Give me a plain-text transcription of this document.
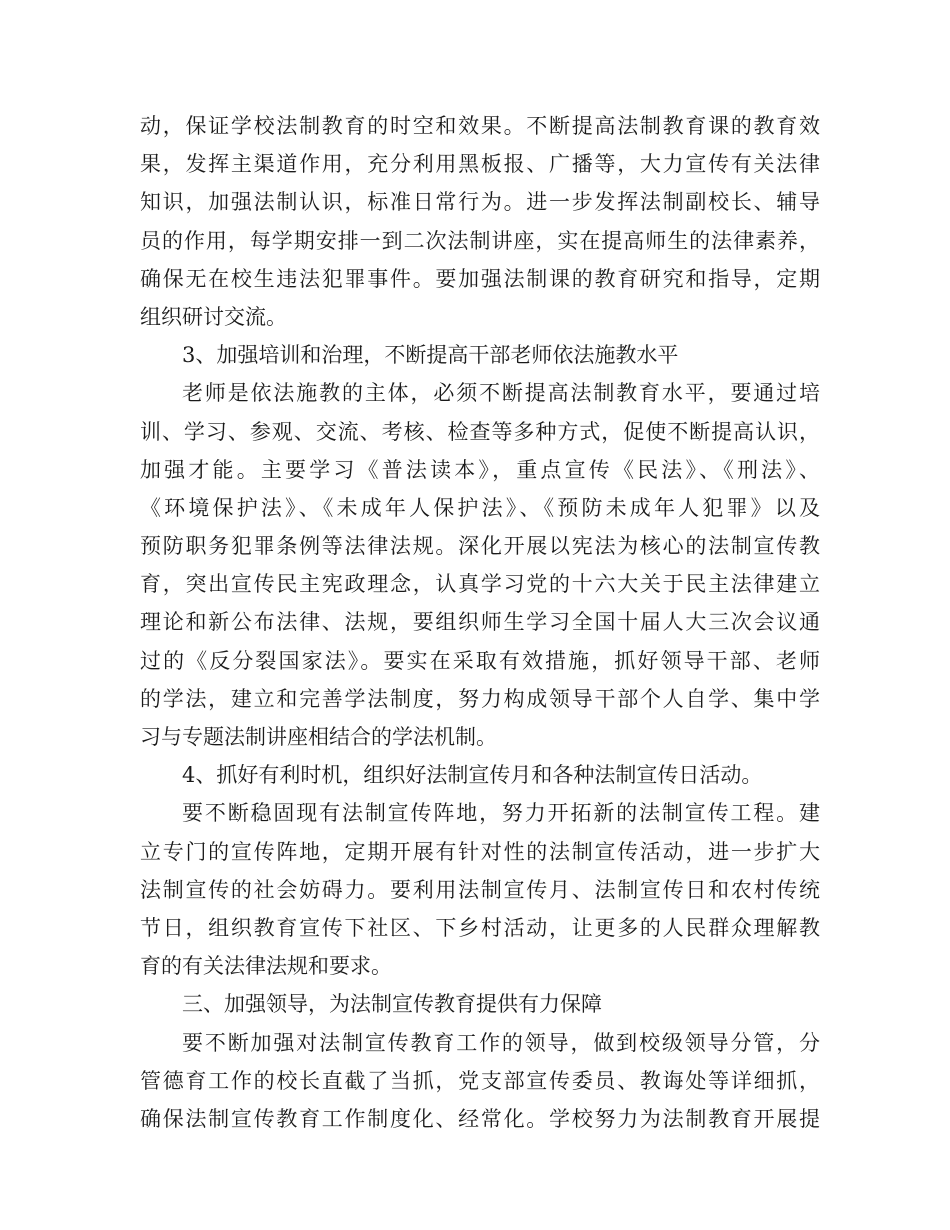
动，保证学校法制教育的时空和效果。不断提高法制教育课的教育效
果，发挥主渠道作用，充分利用黑板报、广播等，大力宣传有关法律
知识，加强法制认识，标准日常行为。进一步发挥法制副校长、辅导
员的作用，每学期安排一到二次法制讲座，实在提高师生的法律素养，
确保无在校生违法犯罪事件。要加强法制课的教育研究和指导，定期
组织研讨交流。
3、加强培训和治理，不断提高干部老师依法施教水平
老师是依法施教的主体，必须不断提高法制教育水平，要通过培
训、学习、参观、交流、考核、检查等多种方式，促使不断提高认识，
加强才能。主要学习《普法读本》，重点宣传《民法》、《刑法》、
《环境保护法》、《未成年人保护法》、《预防未成年人犯罪》以及
预防职务犯罪条例等法律法规。深化开展以宪法为核心的法制宣传教
育，突出宣传民主宪政理念，认真学习党的十六大关于民主法律建立
理论和新公布法律、法规，要组织师生学习全国十届人大三次会议通
过的《反分裂国家法》。要实在采取有效措施，抓好领导干部、老师
的学法，建立和完善学法制度，努力构成领导干部个人自学、集中学
习与专题法制讲座相结合的学法机制。
4、抓好有利时机，组织好法制宣传月和各种法制宣传日活动。
要不断稳固现有法制宣传阵地，努力开拓新的法制宣传工程。建
立专门的宣传阵地，定期开展有针对性的法制宣传活动，进一步扩大
法制宣传的社会妨碍力。要利用法制宣传月、法制宣传日和农村传统
节日，组织教育宣传下社区、下乡村活动，让更多的人民群众理解教
育的有关法律法规和要求。
三、加强领导，为法制宣传教育提供有力保障
要不断加强对法制宣传教育工作的领导，做到校级领导分管，分
管德育工作的校长直截了当抓，党支部宣传委员、教诲处等详细抓，
确保法制宣传教育工作制度化、经常化。学校努力为法制教育开展提
